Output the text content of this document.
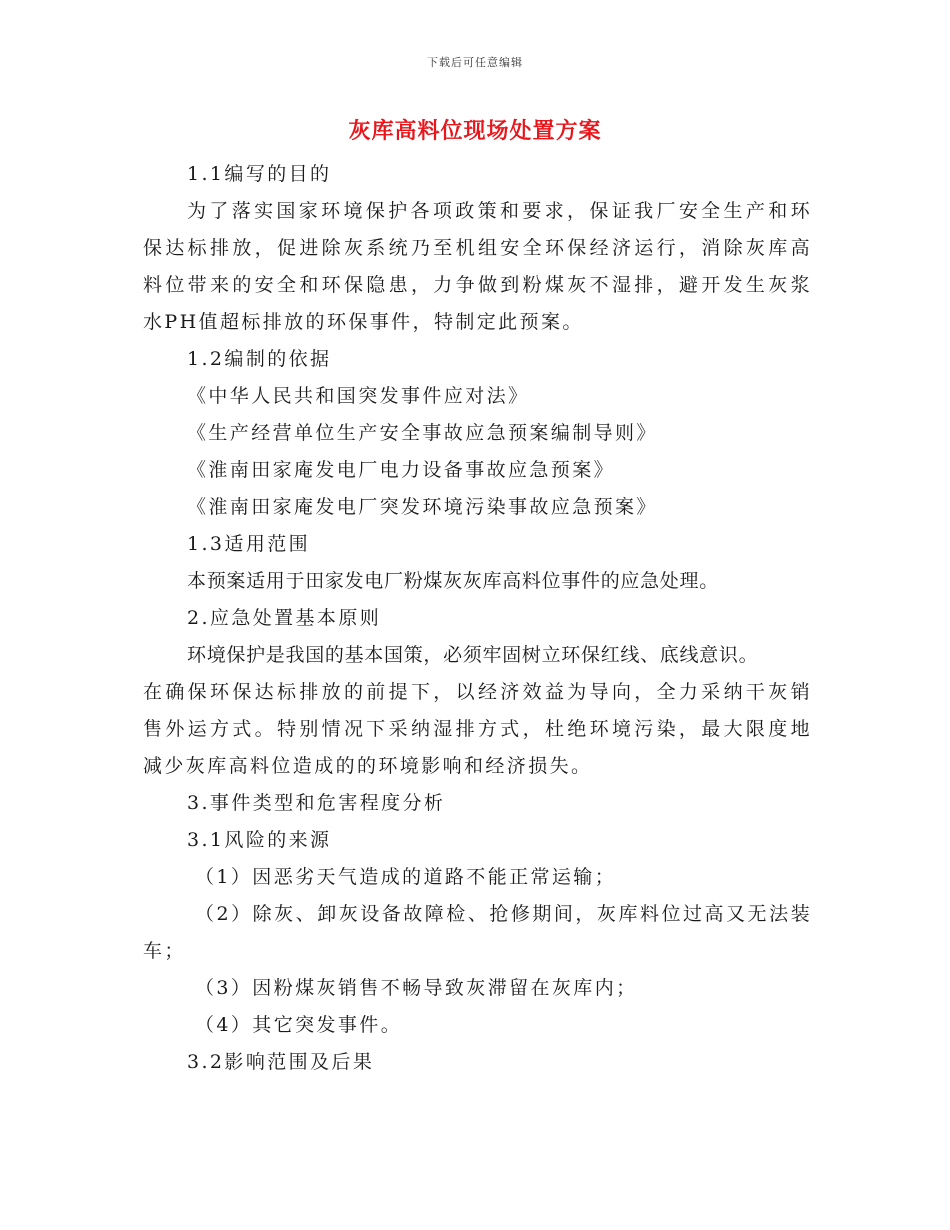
下载后可任意编辑
灰库高料位现场处置方案
1.1编写的目的
为了落实国家环境保护各项政策和要求，保证我厂安全生产和环
保达标排放，促进除灰系统乃至机组安全环保经济运行，消除灰库高
料位带来的安全和环保隐患，力争做到粉煤灰不湿排，避开发生灰浆
水PH值超标排放的环保事件，特制定此预案。
1.2编制的依据
《中华人民共和国突发事件应对法》
《生产经营单位生产安全事故应急预案编制导则》
《淮南田家庵发电厂电力设备事故应急预案》
《淮南田家庵发电厂突发环境污染事故应急预案》
1.3适用范围
本预案适用于田家发电厂粉煤灰灰库高料位事件的应急处理。
2.应急处置基本原则
环境保护是我国的基本国策，必须牢固树立环保红线、底线意识。
在确保环保达标排放的前提下，以经济效益为导向，全力采纳干灰销
售外运方式。特别情况下采纳湿排方式，杜绝环境污染，最大限度地
减少灰库高料位造成的的环境影响和经济损失。
3.事件类型和危害程度分析
3.1风险的来源
（1）因恶劣天气造成的道路不能正常运输；
（2）除灰、卸灰设备故障检、抢修期间，灰库料位过高又无法装
车；
（3）因粉煤灰销售不畅导致灰滞留在灰库内；
（4）其它突发事件。
3.2影响范围及后果
